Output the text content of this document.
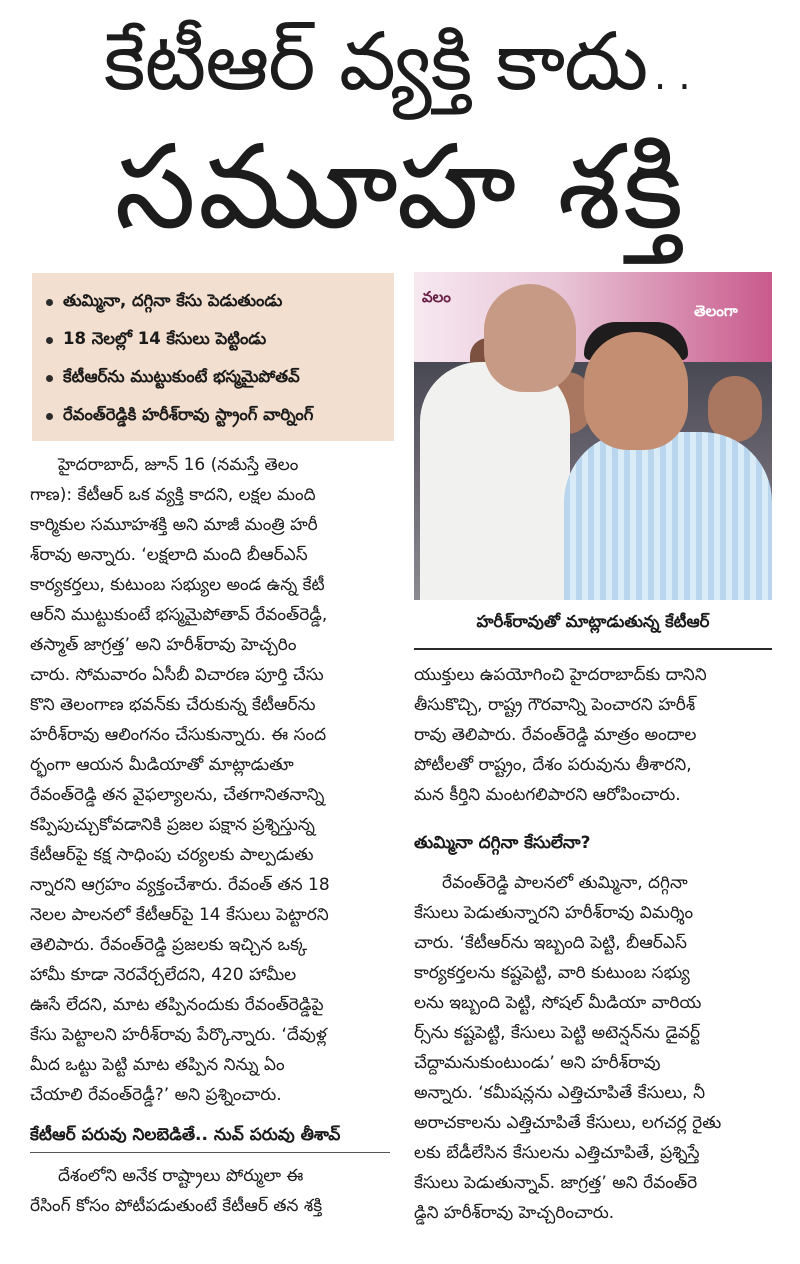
కేటీఆర్ వ్యక్తి కాదు..
సమూహ శక్తి
తుమ్మినా, దగ్గినా కేసు పెడుతుండు
18 నెలల్లో 14 కేసులు పెట్టిండు
కేటీఆర్‌ను ముట్టుకుంటే భస్మమైపోతవ్
రేవంత్‌రెడ్డికి హరీశ్‌రావు స్ట్రాంగ్ వార్నింగ్
వలం
తెలంగా
హరీశ్‌రావుతో మాట్లాడుతున్న కేటీఆర్
హైదరాబాద్, జూన్ 16 (నమస్తే తెలం
గాణ): కేటీఆర్ ఒక వ్యక్తి కాదని, లక్షల మంది
కార్మికుల సమూహశక్తి అని మాజీ మంత్రి హరీ
శ్‌రావు అన్నారు. ‘లక్షలాది మంది బీఆర్‌ఎస్
కార్యకర్తలు, కుటుంబ సభ్యుల అండ ఉన్న కేటీ
ఆర్‌ని ముట్టుకుంటే భస్మమైపోతావ్ రేవంత్‌రెడ్డీ,
తస్మాత్ జాగ్రత్త’ అని హరీశ్‌రావు హెచ్చరిం
చారు. సోమవారం ఏసీబీ విచారణ పూర్తి చేసు
కొని తెలంగాణ భవన్‌కు చేరుకున్న కేటీఆర్‌ను
హరీశ్‌రావు ఆలింగనం చేసుకున్నారు. ఈ సంద
ర్భంగా ఆయన మీడియాతో మాట్లాడుతూ
రేవంత్‌రెడ్డి తన వైఫల్యాలను, చేతగానితనాన్ని
కప్పిపుచ్చుకోవడానికి ప్రజల పక్షాన ప్రశ్నిస్తున్న
కేటీఆర్‌పై కక్ష సాధింపు చర్యలకు పాల్పడుతు
న్నారని ఆగ్రహం వ్యక్తంచేశారు. రేవంత్ తన 18
నెలల పాలనలో కేటీఆర్‌పై 14 కేసులు పెట్టారని
తెలిపారు. రేవంత్‌రెడ్డి ప్రజలకు ఇచ్చిన ఒక్క
హామీ కూడా నెరవేర్చలేదని, 420 హామీల
ఊసే లేదని, మాట తప్పినందుకు రేవంత్‌రెడ్డిపై
కేసు పెట్టాలని హరీశ్‌రావు పేర్కొన్నారు. ‘దేవుళ్ల
మీద ఒట్టు పెట్టి మాట తప్పిన నిన్ను ఏం
చేయాలి రేవంత్‌రెడ్డీ?’ అని ప్రశ్నించారు.
కేటీఆర్ పరువు నిలబెడితే.. నువ్ పరువు తీశావ్
దేశంలోని అనేక రాష్ట్రాలు పోర్ములా ఈ
రేసింగ్ కోసం పోటీపడుతుంటే కేటీఆర్ తన శక్తి
యుక్తులు ఉపయోగించి హైదరాబాద్‌కు దానిని
తీసుకొచ్చి, రాష్ట్ర గౌరవాన్ని పెంచారని హరీశ్
రావు తెలిపారు. రేవంత్‌రెడ్డి మాత్రం అందాల
పోటీలతో రాష్ట్రం, దేశం పరువును తీశారని,
మన కీర్తిని మంటగలిపారని ఆరోపించారు.
తుమ్మినా దగ్గినా కేసులేనా?
రేవంత్‌రెడ్డి పాలనలో తుమ్మినా, దగ్గినా
కేసులు పెడుతున్నారని హరీశ్‌రావు విమర్శిం
చారు. ‘కేటీఆర్‌ను ఇబ్బంది పెట్టి, బీఆర్‌ఎస్
కార్యకర్తలను కష్టపెట్టి, వారి కుటుంబ సభ్యు
లను ఇబ్బంది పెట్టి, సోషల్ మీడియా వారియ
ర్స్‌ను కష్టపెట్టి, కేసులు పెట్టి అటెన్షన్‌ను డైవర్ట్
చేద్దామనుకుంటుండు’ అని హరీశ్‌రావు
అన్నారు. ‘కమీషన్లను ఎత్తిచూపితే కేసులు, నీ
అరాచకాలను ఎత్తిచూపితే కేసులు, లగచర్ల రైతు
లకు బేడీలేసిన కేసులను ఎత్తిచూపితే, ప్రశ్నిస్తే
కేసులు పెడుతున్నావ్. జాగ్రత్త’ అని రేవంత్‌రె
డ్డిని హరీశ్‌రావు హెచ్చరించారు.
